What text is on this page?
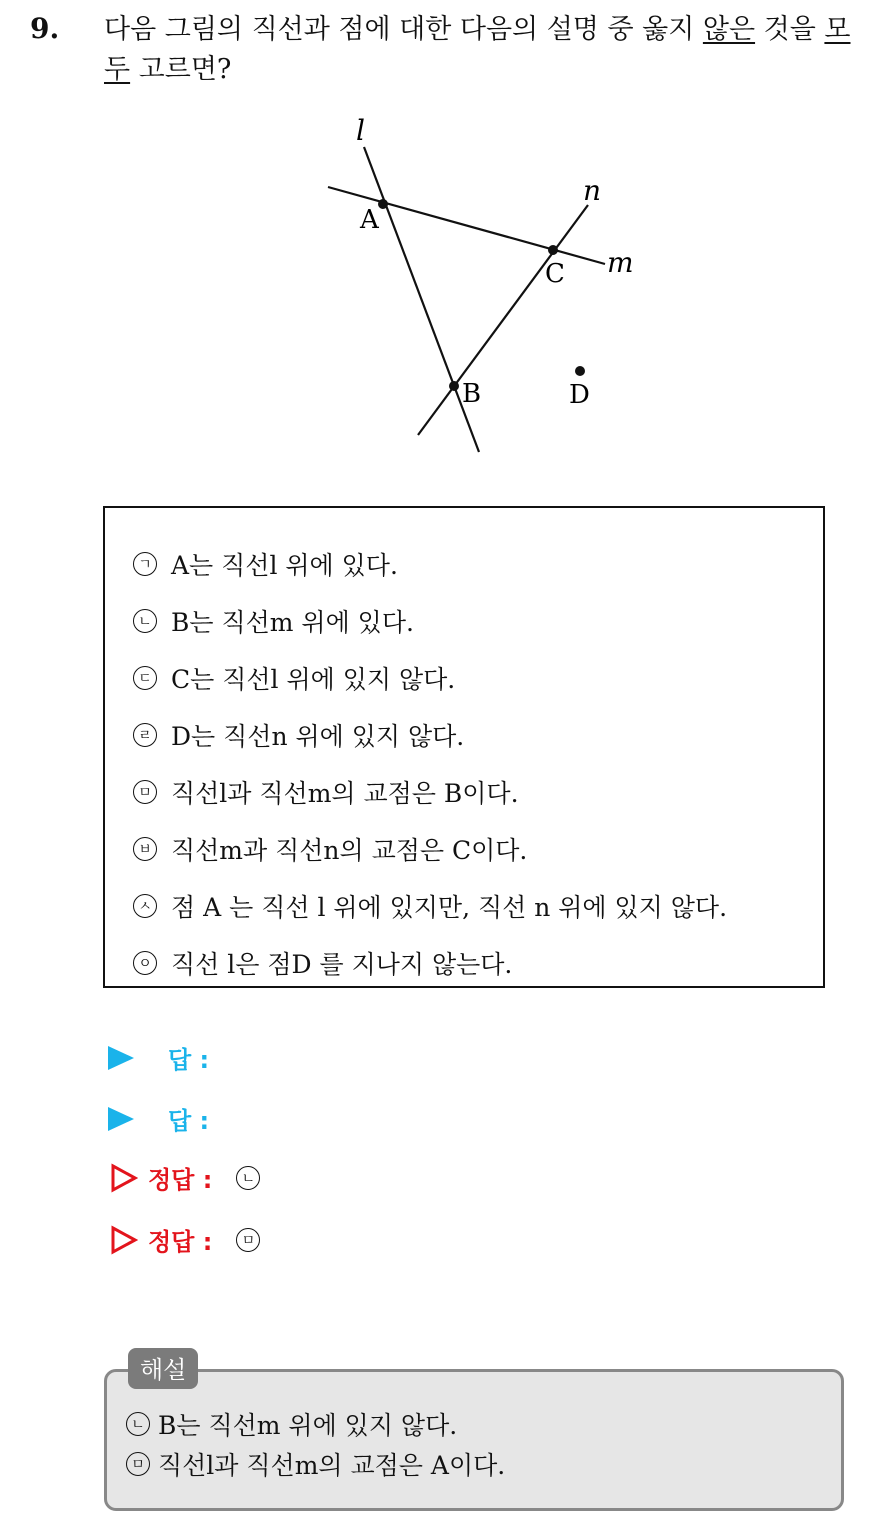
9. 다음 그림의 직선과 점에 대한 다음의 설명 중 옳지 않은 것을 모두 고르면?
l
n
m
A
B
C
D
ㄱ A는 직선l 위에 있다.
ㄴ B는 직선m 위에 있다.
ㄷ C는 직선l 위에 있지 않다.
ㄹ D는 직선n 위에 있지 않다.
ㅁ 직선l과 직선m의 교점은 B이다.
ㅂ 직선m과 직선n의 교점은 C이다.
ㅅ 점 A 는 직선 l 위에 있지만, 직선 n 위에 있지 않다.
ㅇ 직선 l은 점D 를 지나지 않는다.
답 :
답 :
정답 :	ㄴ
정답 :	ㅁ
해설
ㄴ B는 직선m 위에 있지 않다.
ㅁ 직선l과 직선m의 교점은 A이다.
